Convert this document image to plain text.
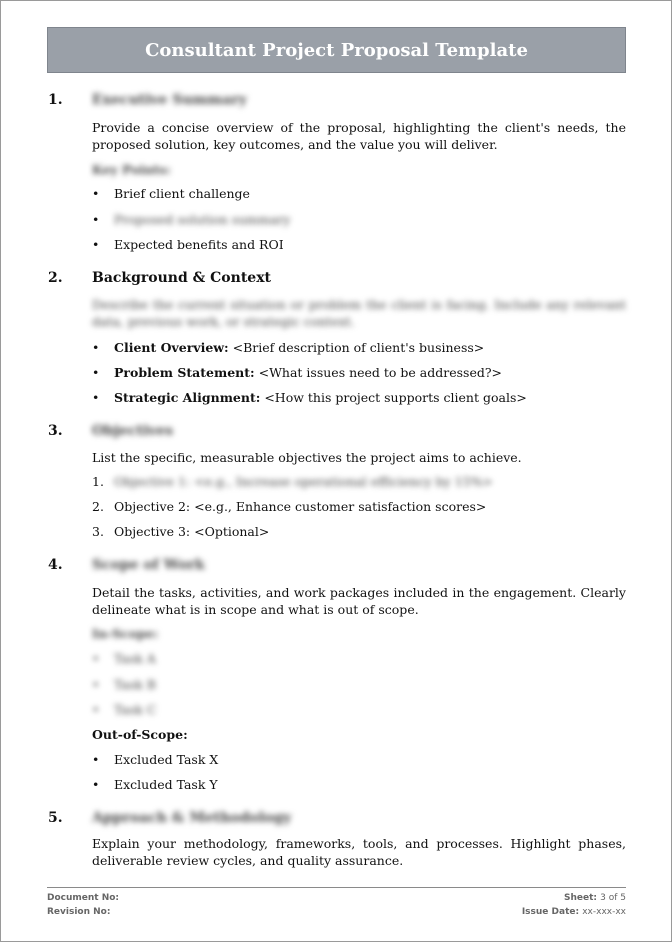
Consultant Project Proposal Template
1. Executive Summary
Provide a concise overview of the proposal, highlighting the client's needs, the proposed solution, key outcomes, and the value you will deliver.
Key Points:
• Brief client challenge
• Proposed solution summary
• Expected benefits and ROI
2. Background & Context
Describe the current situation or problem the client is facing. Include any relevant data, previous work, or strategic context.
• Client Overview: <Brief description of client's business>
• Problem Statement: <What issues need to be addressed?>
• Strategic Alignment: <How this project supports client goals>
3. Objectives
List the specific, measurable objectives the project aims to achieve.
1. Objective 1: <e.g., Increase operational efficiency by 15%>
2. Objective 2: <e.g., Enhance customer satisfaction scores>
3. Objective 3: <Optional>
4. Scope of Work
Detail the tasks, activities, and work packages included in the engagement. Clearly delineate what is in scope and what is out of scope.
In-Scope:
• Task A
• Task B
• Task C
Out-of-Scope:
• Excluded Task X
• Excluded Task Y
5. Approach & Methodology
Explain your methodology, frameworks, tools, and processes. Highlight phases, deliverable review cycles, and quality assurance.
Document No:
Revision No:
Sheet: 3 of 5
Issue Date: xx-xxx-xx
